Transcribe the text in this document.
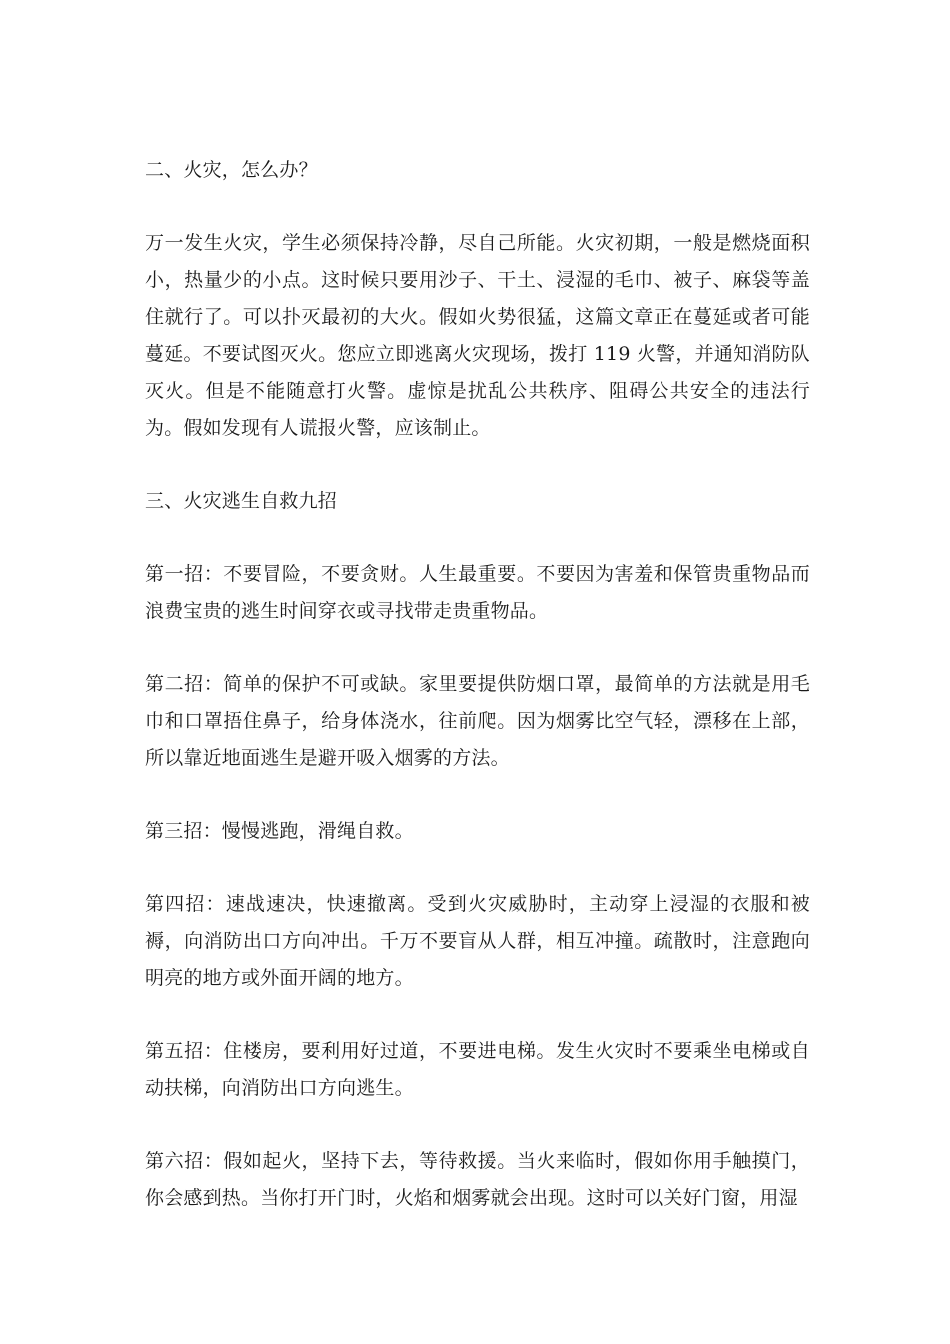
二、火灾，怎么办？

万一发生火灾，学生必须保持冷静，尽自己所能。火灾初期，一般是燃烧面积小，热量少的小点。这时候只要用沙子、干土、浸湿的毛巾、被子、麻袋等盖住就行了。可以扑灭最初的大火。假如火势很猛，这篇文章正在蔓延或者可能蔓延。不要试图灭火。您应立即逃离火灾现场，拨打 119 火警，并通知消防队灭火。但是不能随意打火警。虚惊是扰乱公共秩序、阻碍公共安全的违法行为。假如发现有人谎报火警，应该制止。

三、火灾逃生自救九招

第一招：不要冒险，不要贪财。人生最重要。不要因为害羞和保管贵重物品而浪费宝贵的逃生时间穿衣或寻找带走贵重物品。

第二招：简单的保护不可或缺。家里要提供防烟口罩，最简单的方法就是用毛巾和口罩捂住鼻子，给身体浇水，往前爬。因为烟雾比空气轻，漂移在上部，所以靠近地面逃生是避开吸入烟雾的方法。

第三招：慢慢逃跑，滑绳自救。

第四招：速战速决，快速撤离。受到火灾威胁时，主动穿上浸湿的衣服和被褥，向消防出口方向冲出。千万不要盲从人群，相互冲撞。疏散时，注意跑向明亮的地方或外面开阔的地方。

第五招：住楼房，要利用好过道，不要进电梯。发生火灾时不要乘坐电梯或自动扶梯，向消防出口方向逃生。

第六招：假如起火，坚持下去，等待救援。当火来临时，假如你用手触摸门，你会感到热。当你打开门时，火焰和烟雾就会出现。这时可以关好门窗，用湿
